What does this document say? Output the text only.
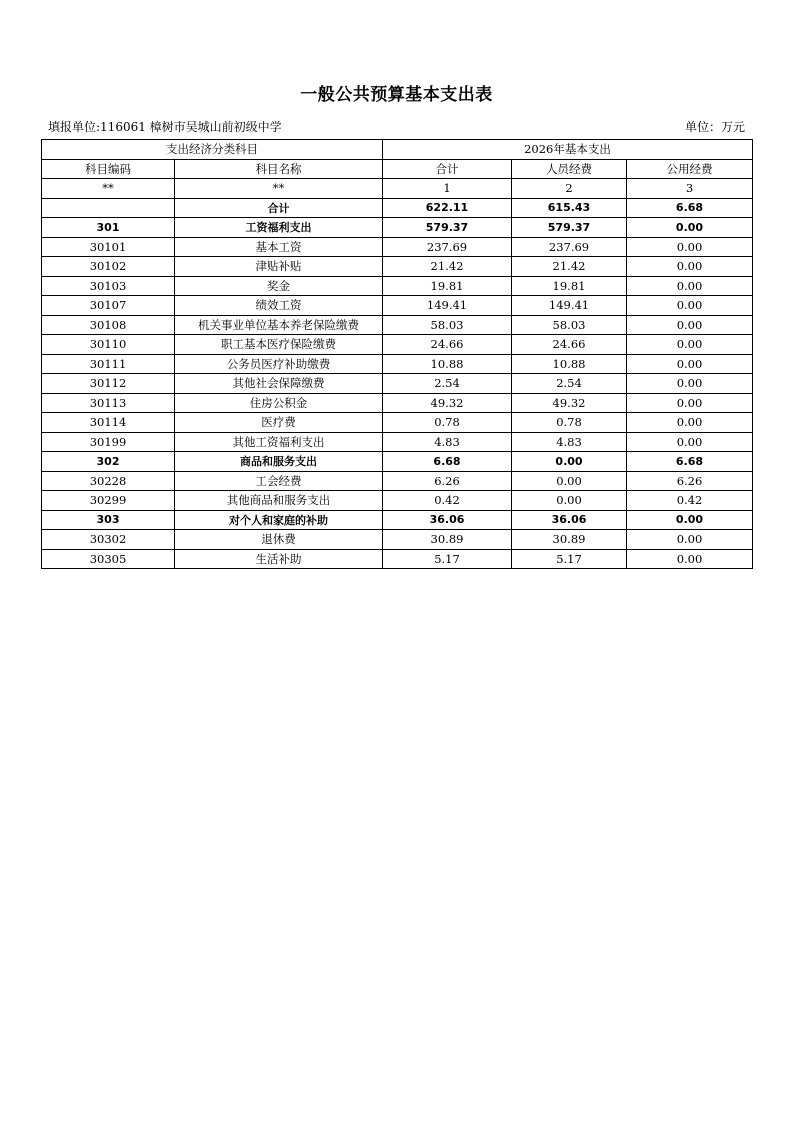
一般公共预算基本支出表
填报单位:116061 樟树市吴城山前初级中学	单位：万元
支出经济分类科目		2026年基本支出		
科目编码	科目名称	合计	人员经费	公用经费
**	**	1	2	3
	合计	622.11	615.43	6.68
301	工资福利支出	579.37	579.37	0.00
30101	基本工资	237.69	237.69	0.00
30102	津贴补贴	21.42	21.42	0.00
30103	奖金	19.81	19.81	0.00
30107	绩效工资	149.41	149.41	0.00
30108	机关事业单位基本养老保险缴费	58.03	58.03	0.00
30110	职工基本医疗保险缴费	24.66	24.66	0.00
30111	公务员医疗补助缴费	10.88	10.88	0.00
30112	其他社会保障缴费	2.54	2.54	0.00
30113	住房公积金	49.32	49.32	0.00
30114	医疗费	0.78	0.78	0.00
30199	其他工资福利支出	4.83	4.83	0.00
302	商品和服务支出	6.68	0.00	6.68
30228	工会经费	6.26	0.00	6.26
30299	其他商品和服务支出	0.42	0.00	0.42
303	对个人和家庭的补助	36.06	36.06	0.00
30302	退休费	30.89	30.89	0.00
30305	生活补助	5.17	5.17	0.00
